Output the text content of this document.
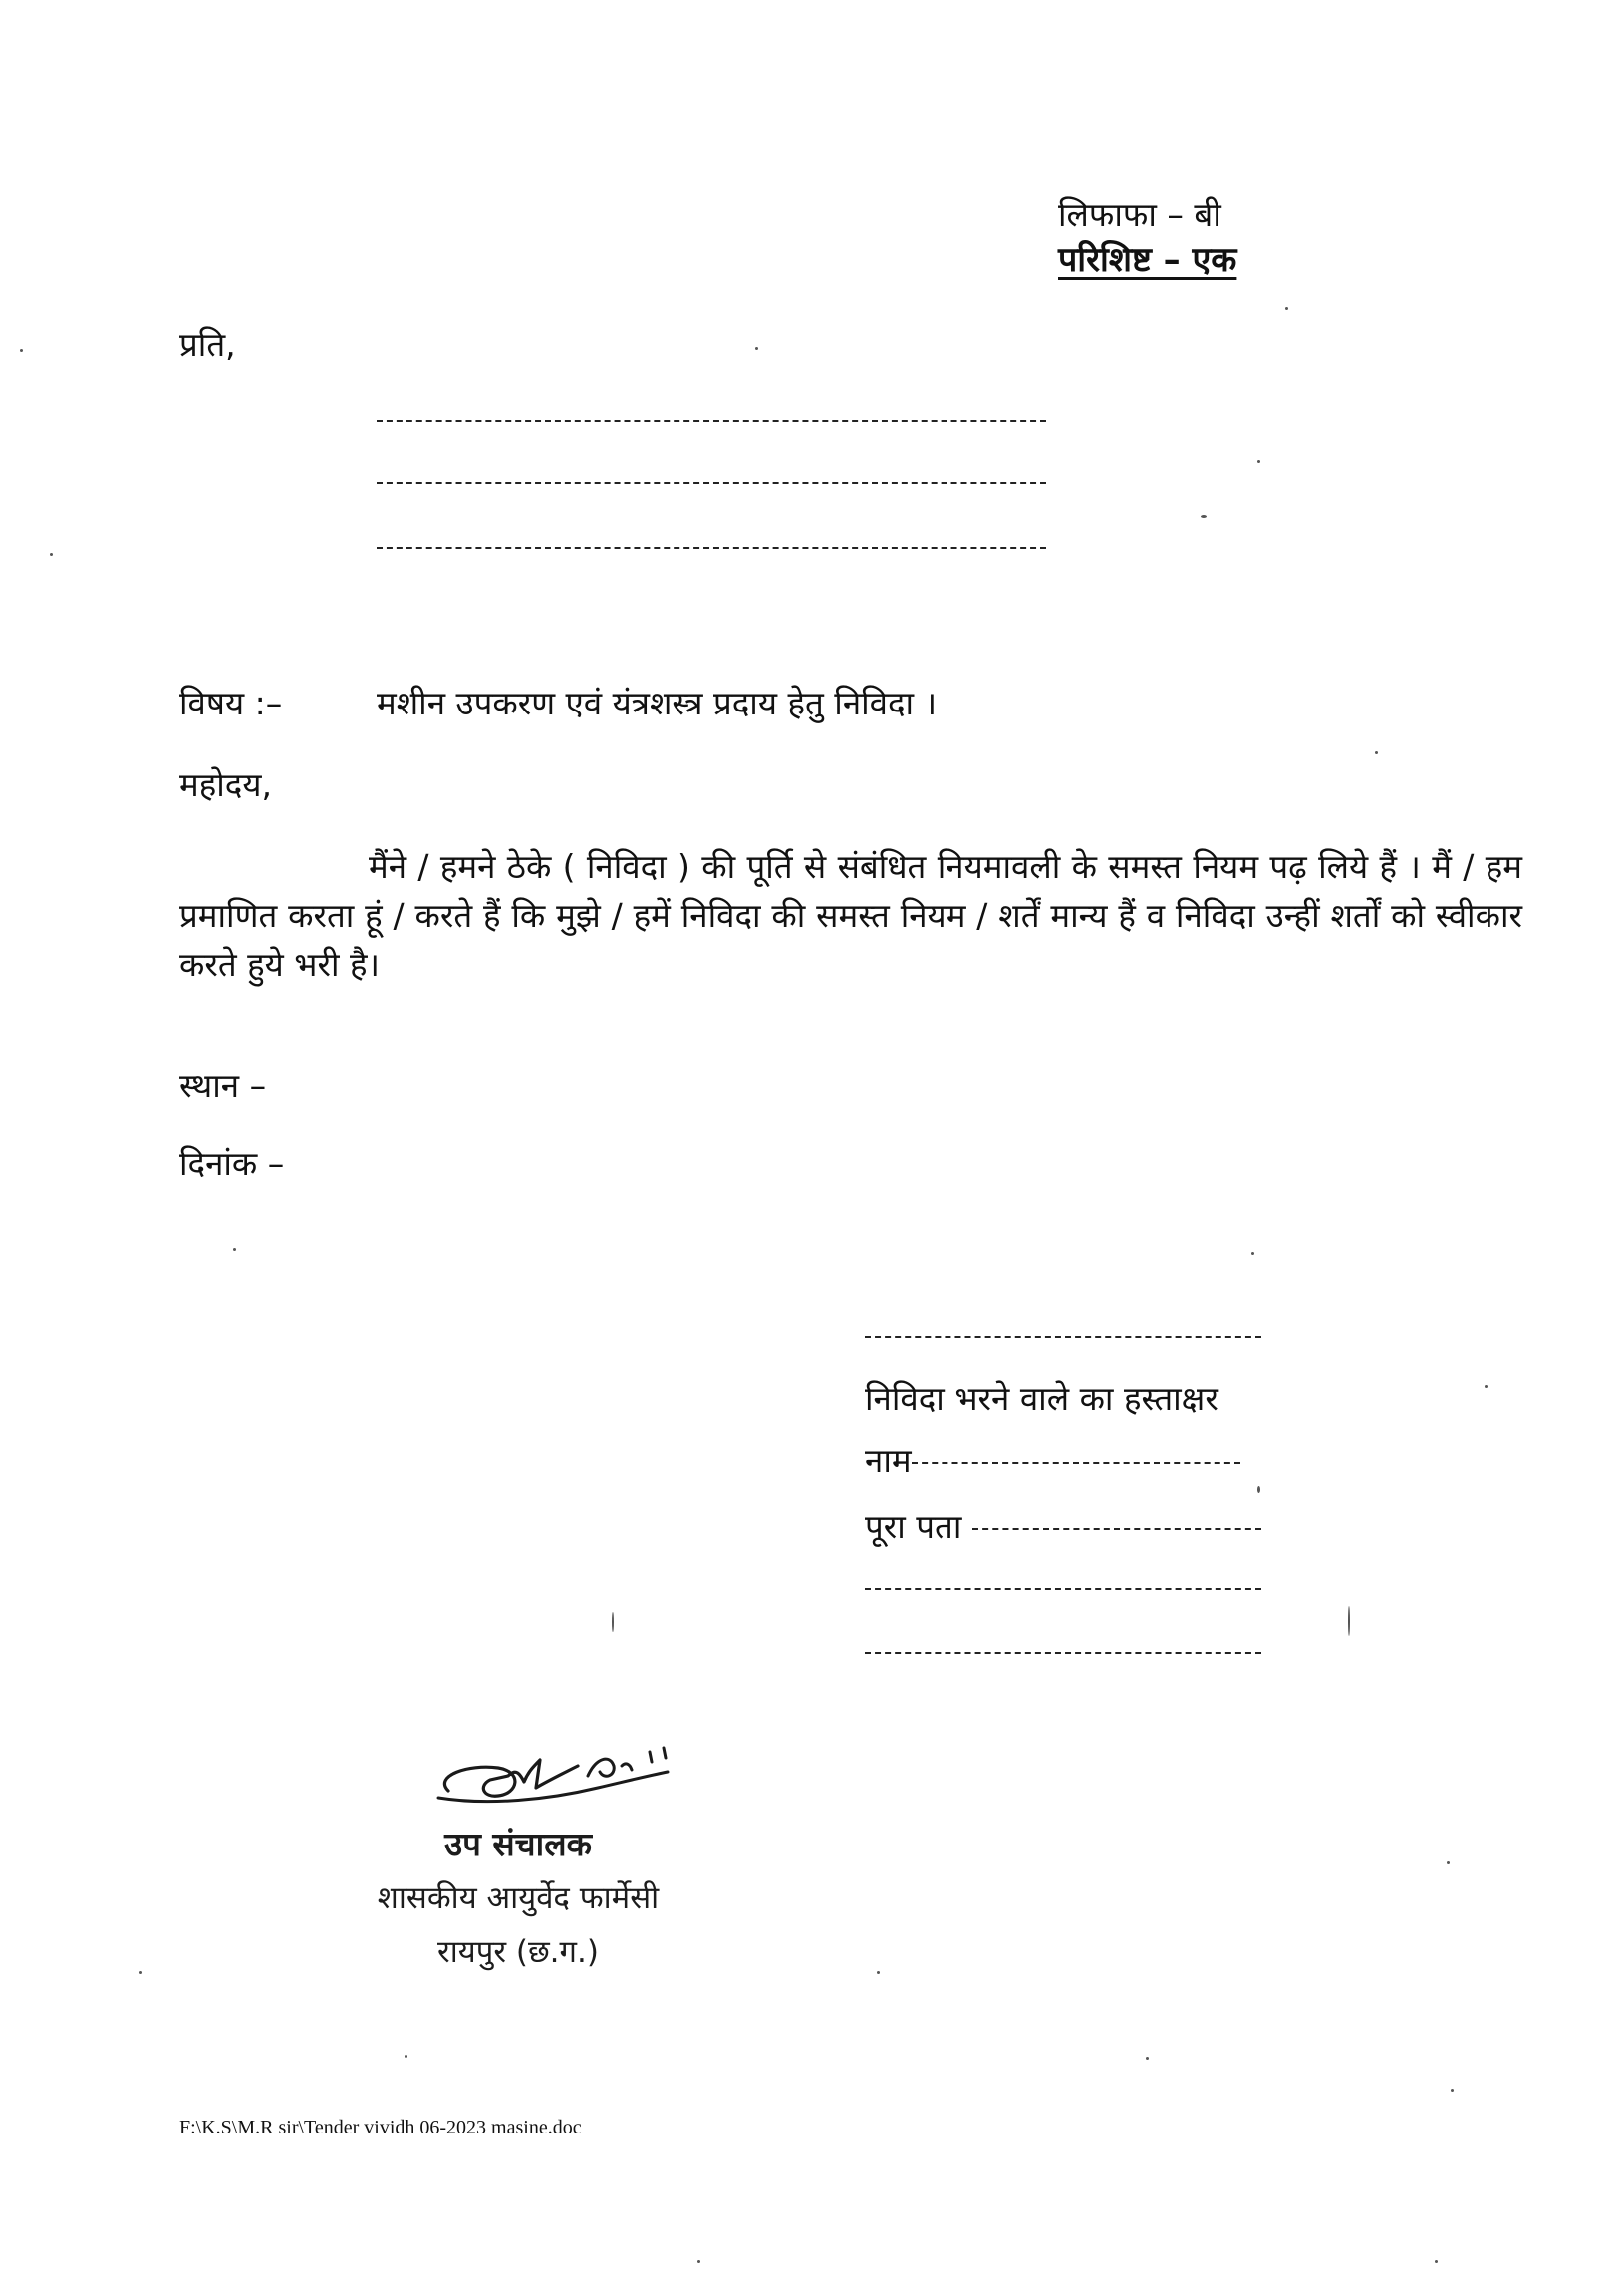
लिफाफा – बी
परिशिष्ट – एक
प्रति,
विषय :–	मशीन उपकरण एवं यंत्रशस्त्र प्रदाय हेतु निविदा ।
महोदय,
मैंने / हमने ठेके ( निविदा ) की पूर्ति से संबंधित नियमावली के समस्त नियम पढ़ लिये हैं । मैं / हम प्रमाणित करता हूं / करते हैं कि मुझे / हमें निविदा की समस्त नियम / शर्तें मान्य हैं व निविदा उन्हीं शर्तों को स्वीकार करते हुये भरी है।
स्थान –
दिनांक –
निविदा भरने वाले का हस्ताक्षर
नाम
पूरा पता
उप संचालक
शासकीय आयुर्वेद फार्मेसी
रायपुर (छ.ग.)
F:\K.S\M.R sir\Tender vividh 06-2023 masine.doc
